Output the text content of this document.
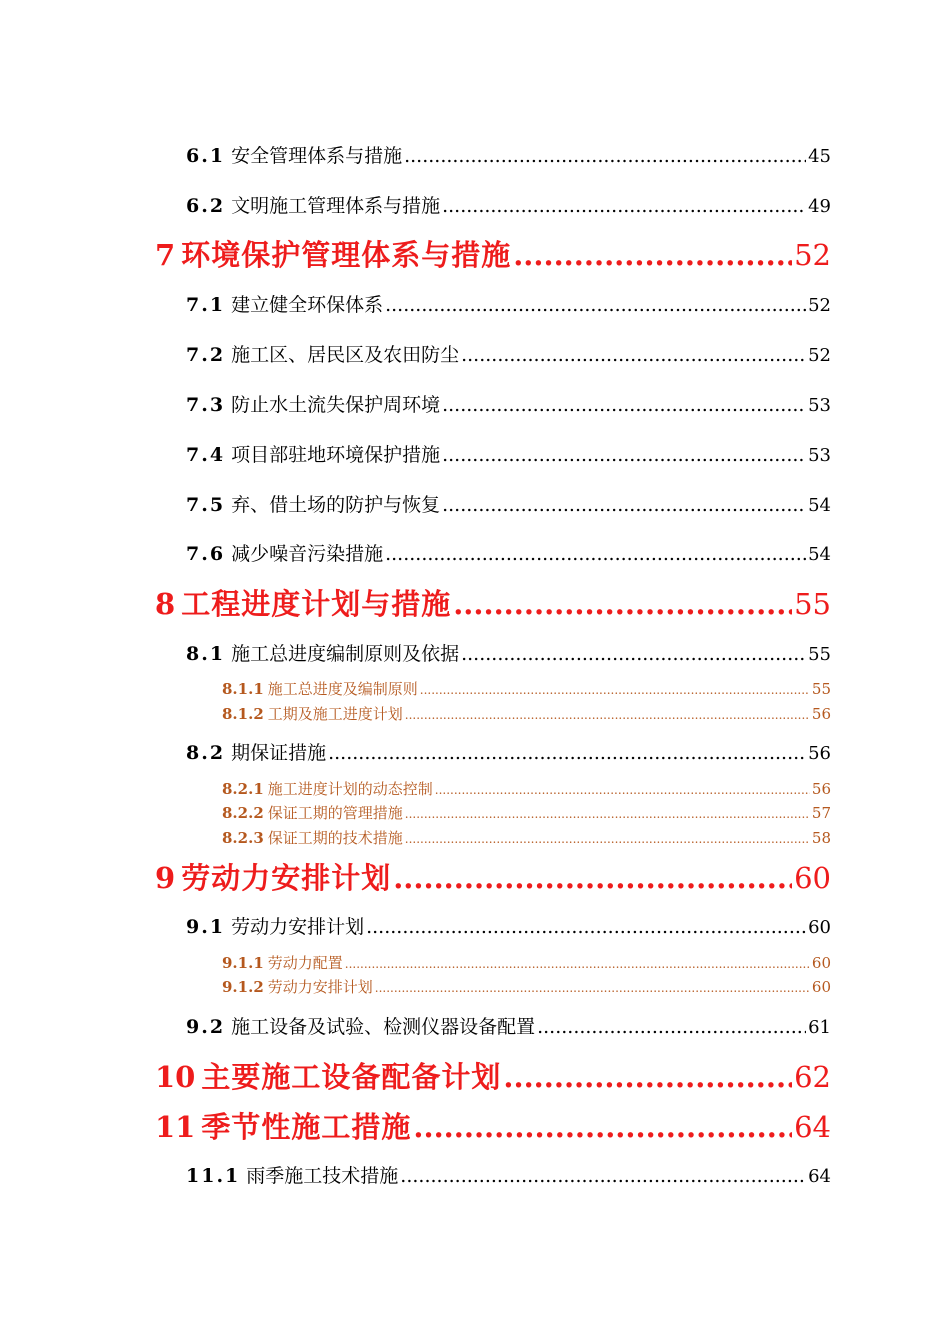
6.1 安全管理体系与措施 .....	45
6.2 文明施工管理体系与措施 .....	49
7 环境保护管理体系与措施 .....	52
7.1 建立健全环保体系 .....	52
7.2 施工区、居民区及农田防尘 .....	52
7.3 防止水土流失保护周环境 .....	53
7.4 项目部驻地环境保护措施 .....	53
7.5 弃、借土场的防护与恢复 .....	54
7.6 减少噪音污染措施 .....	54
8 工程进度计划与措施 .....	55
8.1 施工总进度编制原则及依据 .....	55
8.1.1 施工总进度及编制原则 .....	55
8.1.2 工期及施工进度计划 .....	56
8.2 期保证措施 .....	56
8.2.1 施工进度计划的动态控制 .....	56
8.2.2 保证工期的管理措施 .....	57
8.2.3 保证工期的技术措施 .....	58
9 劳动力安排计划 .....	60
9.1 劳动力安排计划 .....	60
9.1.1 劳动力配置 .....	60
9.1.2 劳动力安排计划 .....	60
9.2 施工设备及试验、检测仪器设备配置 .....	61
10 主要施工设备配备计划 .....	62
11 季节性施工措施 .....	64
11.1 雨季施工技术措施 .....	64
